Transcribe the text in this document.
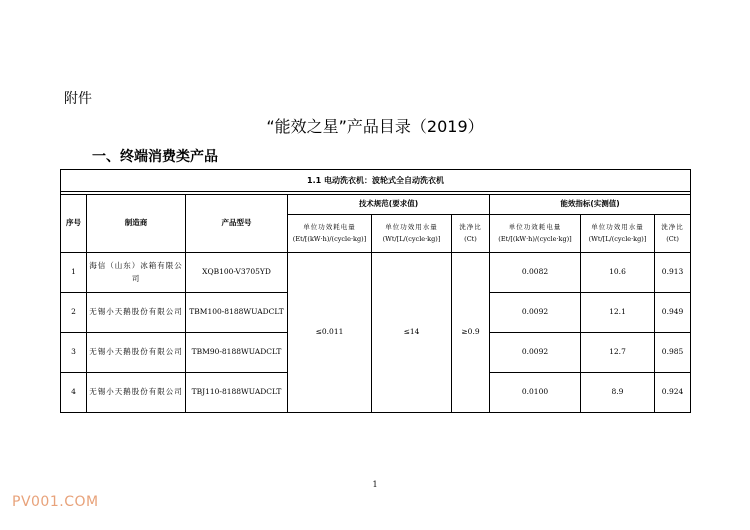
附件
“能效之星”产品目录（2019）
一、终端消费类产品
1.1 电动洗衣机：波轮式全自动洗衣机								

序号	制造商	产品型号	技术规范(要求值)			能效指标(实测值)		

			单位功效耗电量
(Et/[(kW·h)/(cycle·kg)]	单位功效用水量
(Wt/[L/(cycle·kg)]	洗净比
(Ct)	单位功效耗电量
(Et/[(kW·h)/(cycle·kg)]	单位功效用水量
(Wt/[L/(cycle·kg)]	洗净比
(Ct)

1	海信（山东）冰箱有限公司	XQB100-V3705YD	≤0.011	≤14	≥0.9	0.0082	10.6	0.913
2	无锡小天鹅股份有限公司	TBM100-8188WUADCLT				0.0092	12.1	0.949
3	无锡小天鹅股份有限公司	TBM90-8188WUADCLT				0.0092	12.7	0.985
4	无锡小天鹅股份有限公司	TBJ110-8188WUADCLT				0.0100	8.9	0.924
1
PV001.COM
